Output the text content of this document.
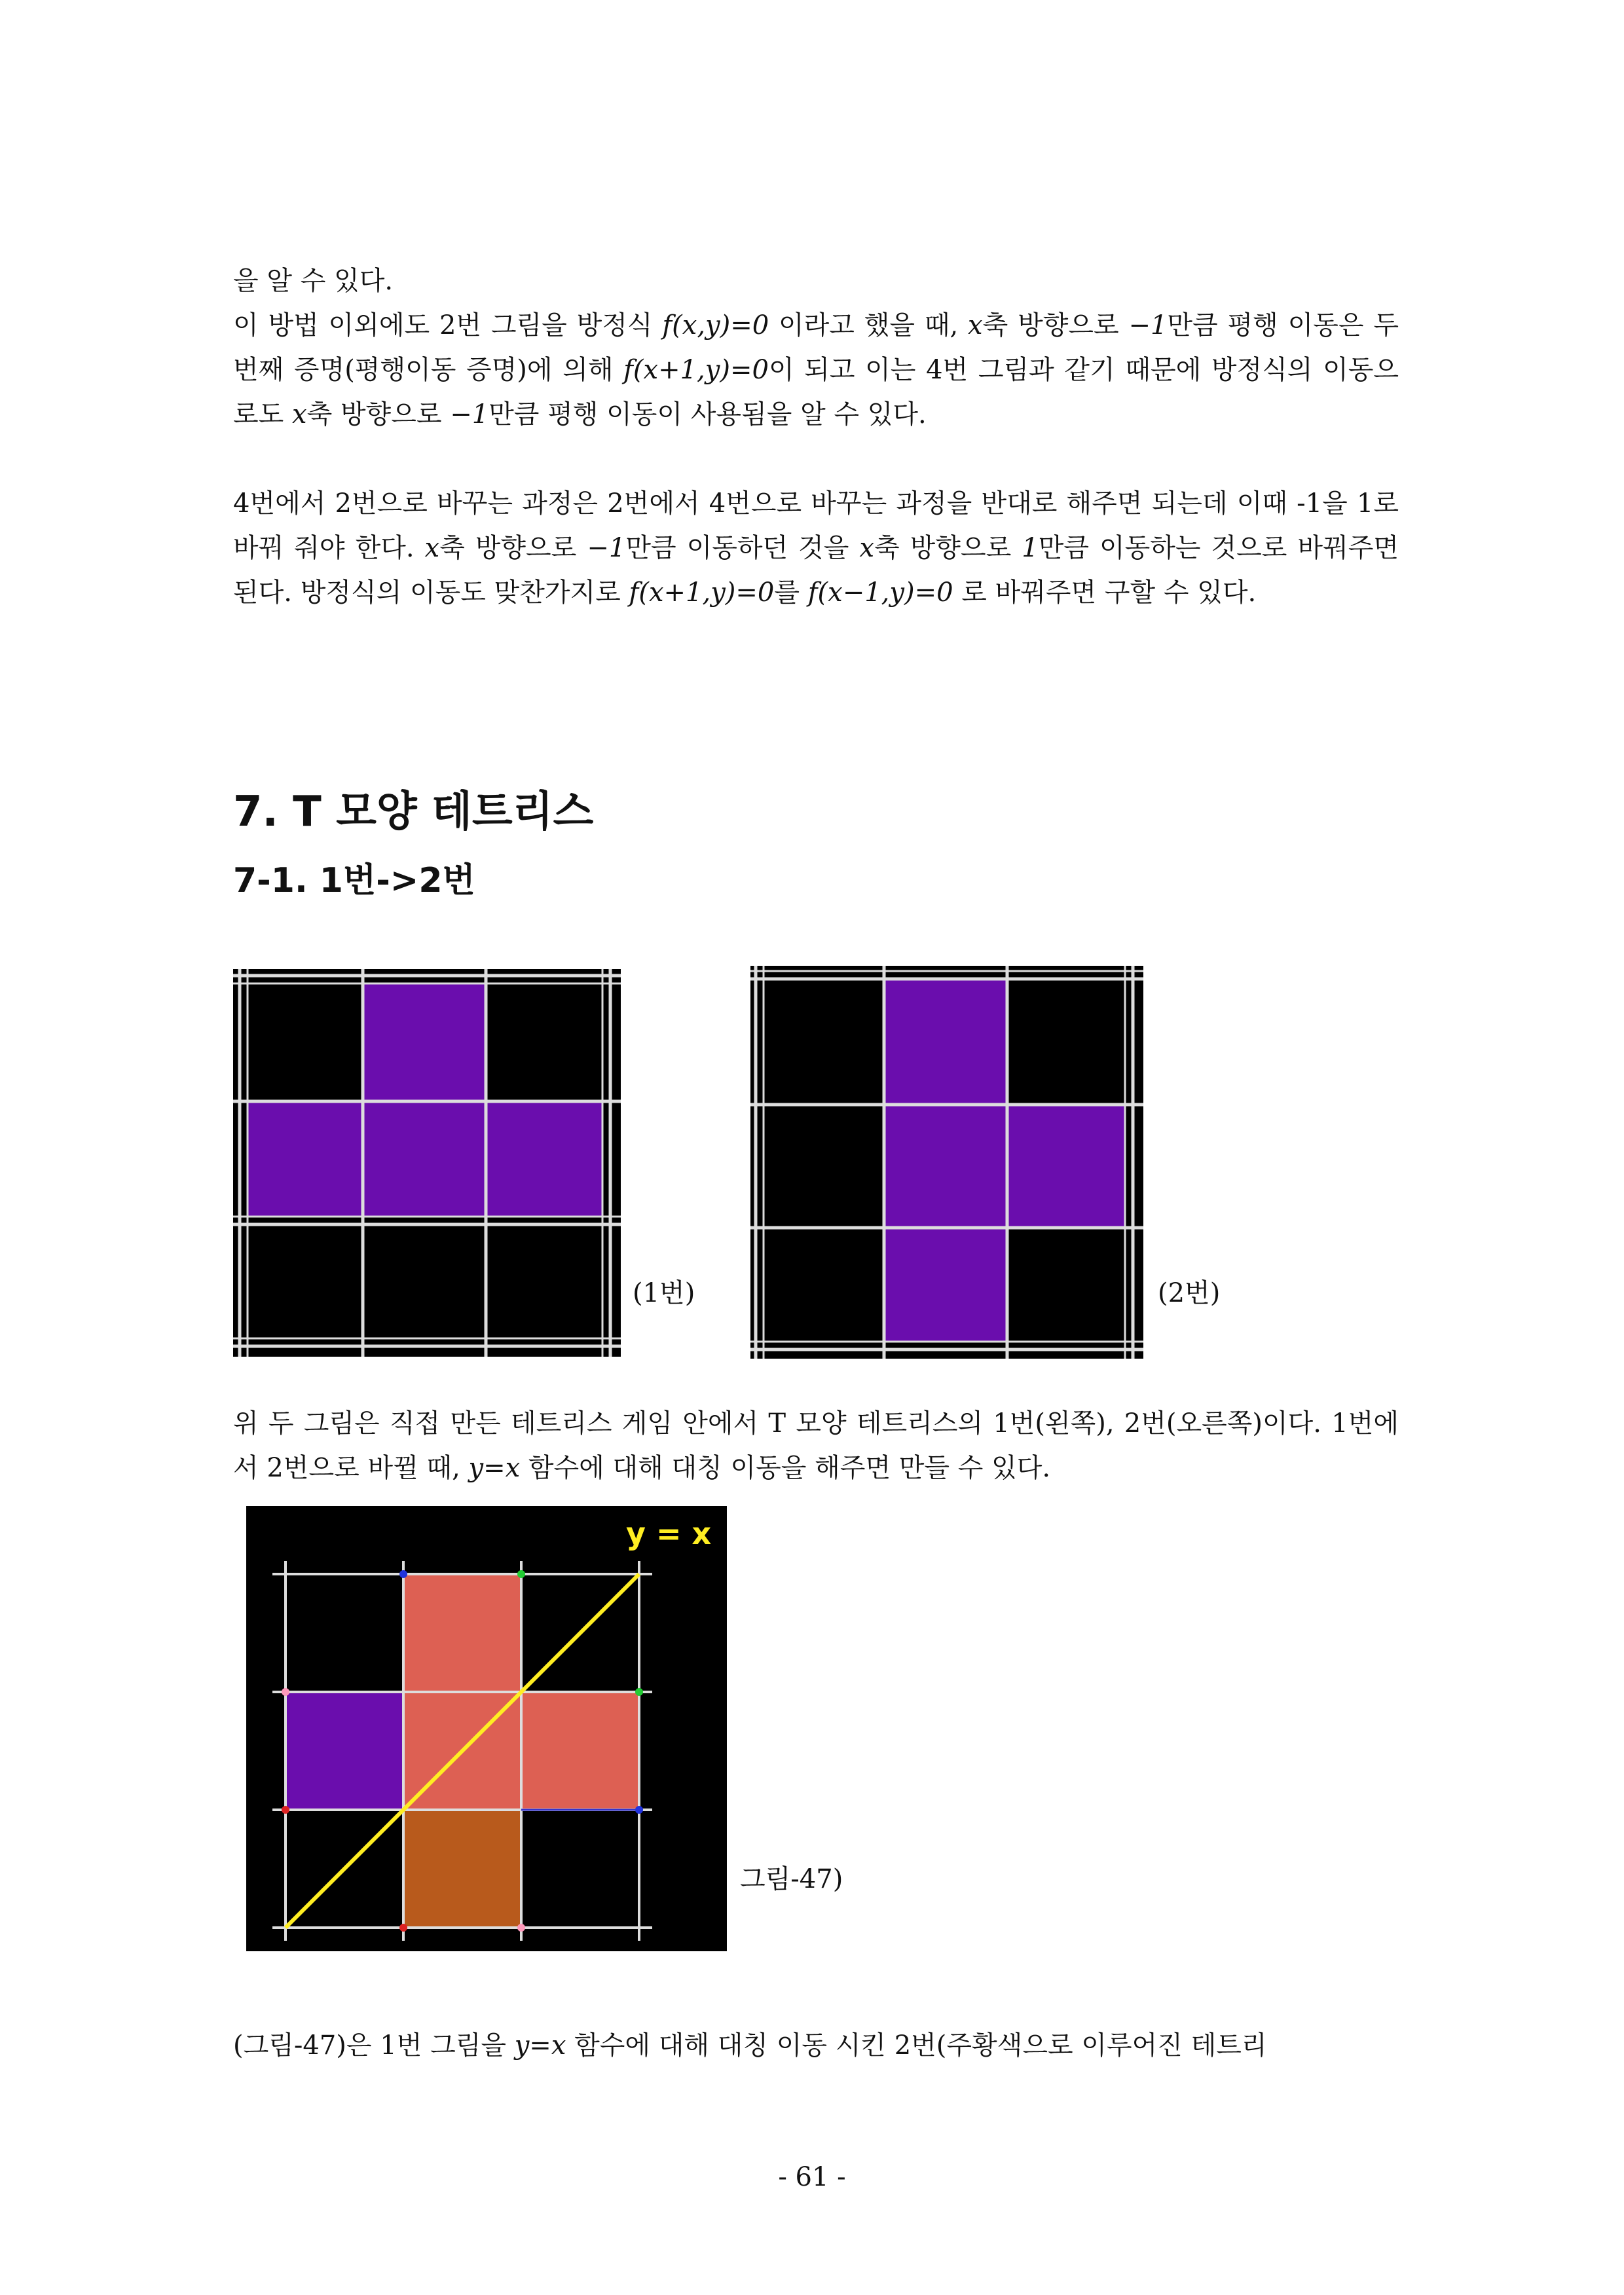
을 알 수 있다.
이 방법 이외에도 2번 그림을 방정식 f(x,y)=0 이라고 했을 때, x축 방향으로 −1만큼 평행 이동은 두 번째 증명(평행이동 증명)에 의해 f(x+1,y)=0이 되고 이는 4번 그림과 같기 때문에 방정식의 이동으로도 x축 방향으로 −1만큼 평행 이동이 사용됨을 알 수 있다.

4번에서 2번으로 바꾸는 과정은 2번에서 4번으로 바꾸는 과정을 반대로 해주면 되는데 이때 -1을 1로 바꿔 줘야 한다. x축 방향으로 −1만큼 이동하던 것을 x축 방향으로 1만큼 이동하는 것으로 바꿔주면 된다. 방정식의 이동도 맞찬가지로 f(x+1,y)=0를 f(x−1,y)=0 로 바꿔주면 구할 수 있다.

7. T 모양 테트리스
7-1. 1번->2번
(1번)	(2번)
y = x
그림-47)

위 두 그림은 직접 만든 테트리스 게임 안에서 T 모양 테트리스의 1번(왼쪽), 2번(오른쪽)이다. 1번에서 2번으로 바뀔 때, y=x 함수에 대해 대칭 이동을 해주면 만들 수 있다.

(그림-47)은 1번 그림을 y=x 함수에 대해 대칭 이동 시킨 2번(주황색으로 이루어진 테트리

- 61 -
